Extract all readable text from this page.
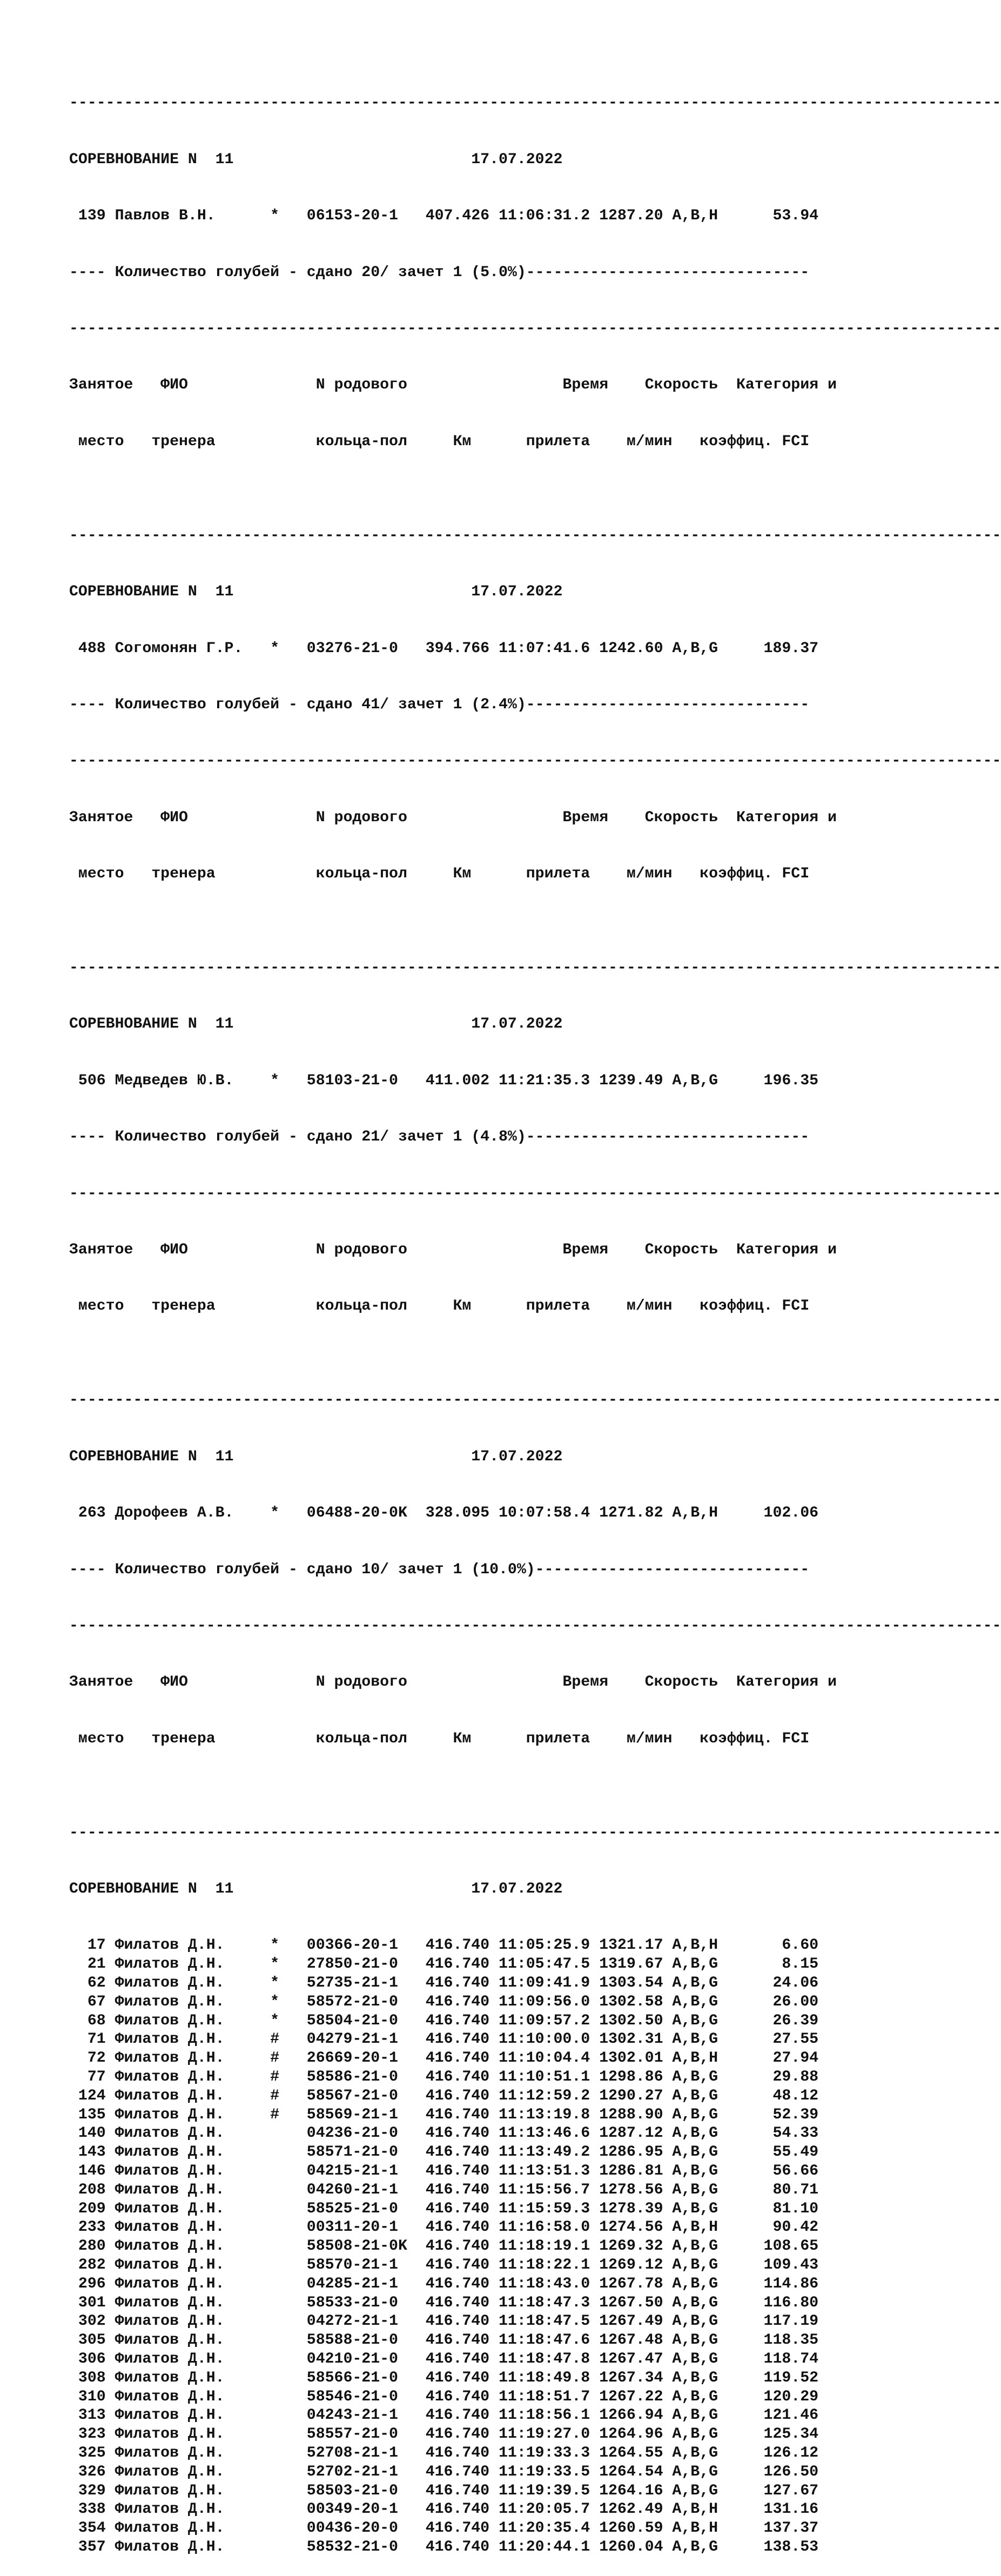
------------------------------------------------------------------------------------------------------

СОРЕВНОВАНИЕ N  11                          17.07.2022

139 Павлов В.Н.      *   06153-20-1   407.426 11:06:31.2 1287.20 A,B,H      53.94

---- Количество голубей - сдано 20/ зачет 1 (5.0%)-------------------------------

------------------------------------------------------------------------------------------------------

Занятое   ФИО              N родового                 Время    Скорость  Категория и

место   тренера           кольца-пол     Км      прилета    м/мин   коэффиц. FCI

------------------------------------------------------------------------------------------------------

СОРЕВНОВАНИЕ N  11                          17.07.2022

488 Согомонян Г.Р.   *   03276-21-0   394.766 11:07:41.6 1242.60 A,B,G     189.37

---- Количество голубей - сдано 41/ зачет 1 (2.4%)-------------------------------

------------------------------------------------------------------------------------------------------

Занятое   ФИО              N родового                 Время    Скорость  Категория и

место   тренера           кольца-пол     Км      прилета    м/мин   коэффиц. FCI

------------------------------------------------------------------------------------------------------

СОРЕВНОВАНИЕ N  11                          17.07.2022

506 Медведев Ю.В.    *   58103-21-0   411.002 11:21:35.3 1239.49 A,B,G     196.35

---- Количество голубей - сдано 21/ зачет 1 (4.8%)-------------------------------

------------------------------------------------------------------------------------------------------

Занятое   ФИО              N родового                 Время    Скорость  Категория и

место   тренера           кольца-пол     Км      прилета    м/мин   коэффиц. FCI

------------------------------------------------------------------------------------------------------

СОРЕВНОВАНИЕ N  11                          17.07.2022

263 Дорофеев А.В.    *   06488-20-0K  328.095 10:07:58.4 1271.82 A,B,H     102.06

---- Количество голубей - сдано 10/ зачет 1 (10.0%)------------------------------

------------------------------------------------------------------------------------------------------

Занятое   ФИО              N родового                 Время    Скорость  Категория и

место   тренера           кольца-пол     Км      прилета    м/мин   коэффиц. FCI

------------------------------------------------------------------------------------------------------

СОРЕВНОВАНИЕ N  11                          17.07.2022

17 Филатов Д.Н.     *   00366-20-1   416.740 11:05:25.9 1321.17 A,B,H       6.60
21 Филатов Д.Н.     *   27850-21-0   416.740 11:05:47.5 1319.67 A,B,G       8.15
62 Филатов Д.Н.     *   52735-21-1   416.740 11:09:41.9 1303.54 A,B,G      24.06
67 Филатов Д.Н.     *   58572-21-0   416.740 11:09:56.0 1302.58 A,B,G      26.00
68 Филатов Д.Н.     *   58504-21-0   416.740 11:09:57.2 1302.50 A,B,G      26.39
71 Филатов Д.Н.     #   04279-21-1   416.740 11:10:00.0 1302.31 A,B,G      27.55
72 Филатов Д.Н.     #   26669-20-1   416.740 11:10:04.4 1302.01 A,B,H      27.94
77 Филатов Д.Н.     #   58586-21-0   416.740 11:10:51.1 1298.86 A,B,G      29.88
124 Филатов Д.Н.     #   58567-21-0   416.740 11:12:59.2 1290.27 A,B,G      48.12
135 Филатов Д.Н.     #   58569-21-1   416.740 11:13:19.8 1288.90 A,B,G      52.39
140 Филатов Д.Н.         04236-21-0   416.740 11:13:46.6 1287.12 A,B,G      54.33
143 Филатов Д.Н.         58571-21-0   416.740 11:13:49.2 1286.95 A,B,G      55.49
146 Филатов Д.Н.         04215-21-1   416.740 11:13:51.3 1286.81 A,B,G      56.66
208 Филатов Д.Н.         04260-21-1   416.740 11:15:56.7 1278.56 A,B,G      80.71
209 Филатов Д.Н.         58525-21-0   416.740 11:15:59.3 1278.39 A,B,G      81.10
233 Филатов Д.Н.         00311-20-1   416.740 11:16:58.0 1274.56 A,B,H      90.42
280 Филатов Д.Н.         58508-21-0K  416.740 11:18:19.1 1269.32 A,B,G     108.65
282 Филатов Д.Н.         58570-21-1   416.740 11:18:22.1 1269.12 A,B,G     109.43
296 Филатов Д.Н.         04285-21-1   416.740 11:18:43.0 1267.78 A,B,G     114.86
301 Филатов Д.Н.         58533-21-0   416.740 11:18:47.3 1267.50 A,B,G     116.80
302 Филатов Д.Н.         04272-21-1   416.740 11:18:47.5 1267.49 A,B,G     117.19
305 Филатов Д.Н.         58588-21-0   416.740 11:18:47.6 1267.48 A,B,G     118.35
306 Филатов Д.Н.         04210-21-0   416.740 11:18:47.8 1267.47 A,B,G     118.74
308 Филатов Д.Н.         58566-21-0   416.740 11:18:49.8 1267.34 A,B,G     119.52
310 Филатов Д.Н.         58546-21-0   416.740 11:18:51.7 1267.22 A,B,G     120.29
313 Филатов Д.Н.         04243-21-1   416.740 11:18:56.1 1266.94 A,B,G     121.46
323 Филатов Д.Н.         58557-21-0   416.740 11:19:27.0 1264.96 A,B,G     125.34
325 Филатов Д.Н.         52708-21-1   416.740 11:19:33.3 1264.55 A,B,G     126.12
326 Филатов Д.Н.         52702-21-1   416.740 11:19:33.5 1264.54 A,B,G     126.50
329 Филатов Д.Н.         58503-21-0   416.740 11:19:39.5 1264.16 A,B,G     127.67
338 Филатов Д.Н.         00349-20-1   416.740 11:20:05.7 1262.49 A,B,H     131.16
354 Филатов Д.Н.         00436-20-0   416.740 11:20:35.4 1260.59 A,B,H     137.37
357 Филатов Д.Н.         58532-21-0   416.740 11:20:44.1 1260.04 A,B,G     138.53
